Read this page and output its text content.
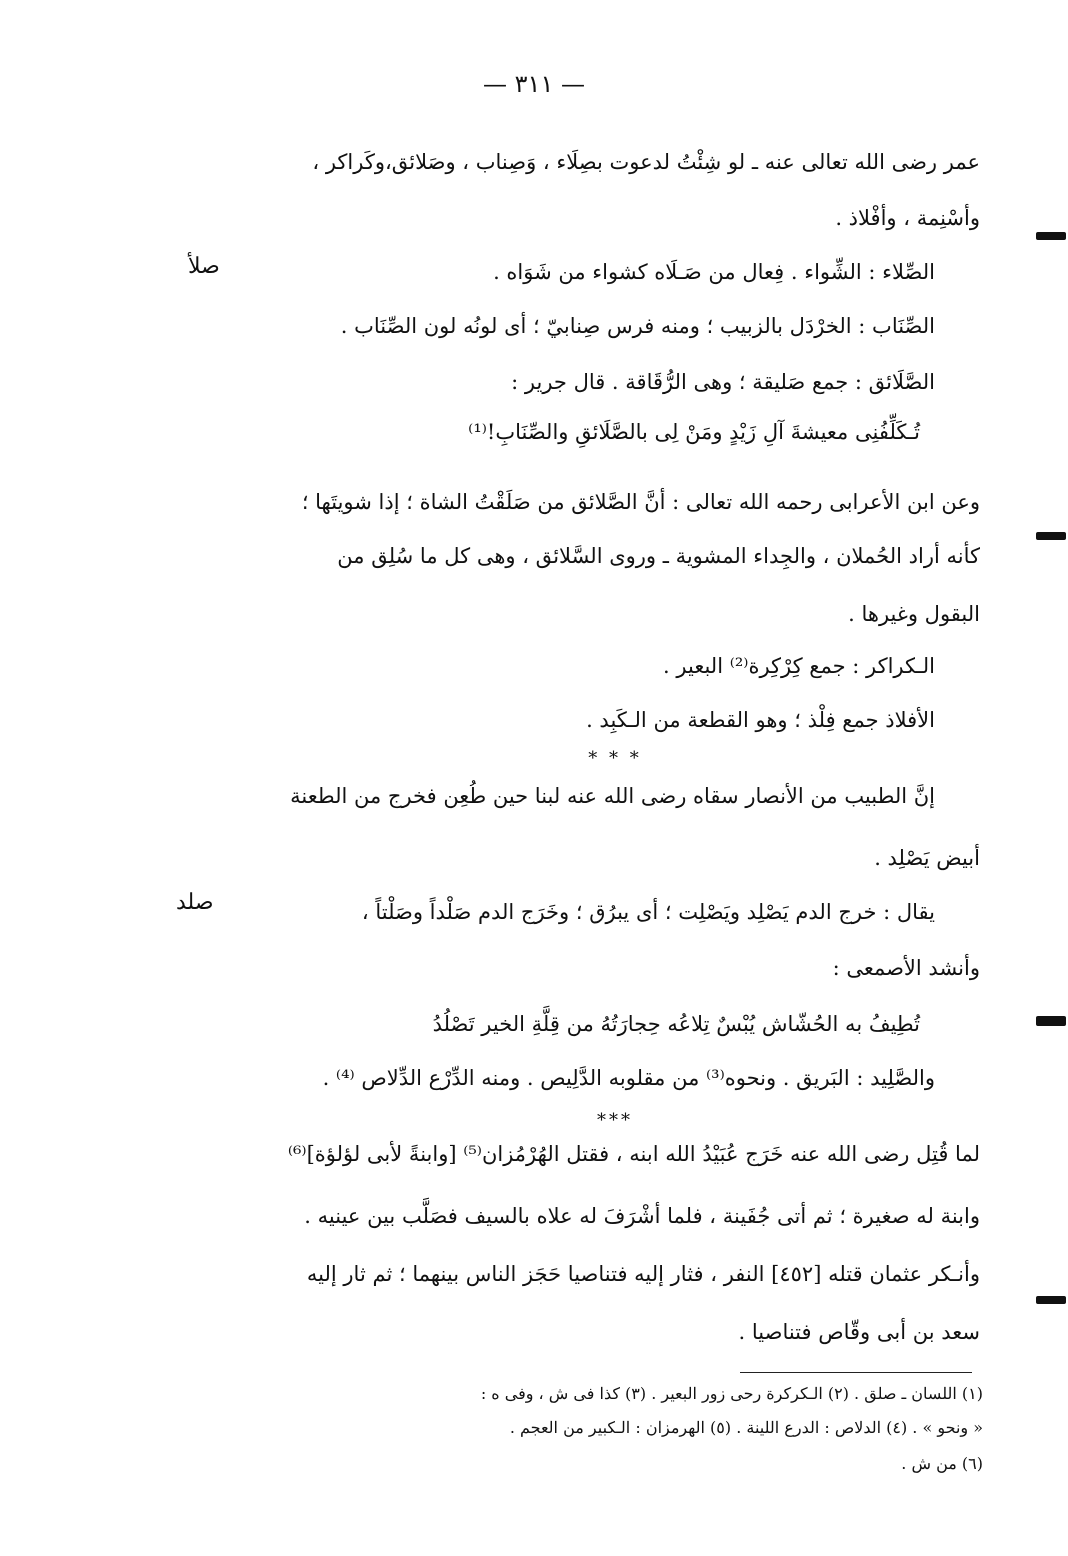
— ٣١١ —
صلأ
صلد
عمر رضى الله تعالى عنه ـ لو شِئْتُ لدعوت بصِلَاء ، وَصِناب ، وصَلائق،وكَراكر ،
وأسْنِمة ، وأفْلاذ .
الصِّلاء : الشِّواء . فِعال من صَـلَاه كشواء من شَوَاه .
الصِّنَاب : الخرْدَل بالزبيب ؛ ومنه فرس صِنابيّ ؛ أى لونُه لون الصِّنَاب .
الصَّلَائق : جمع صَليقة ؛ وهى الرُّقَاقة . قال جرير :
تُـكَلِّفُنِى معيشةَ آلِ زَيْدٍ ومَنْ لِى بالصَّلَائقِ والصِّنَابِ!⁽¹⁾
وعن ابن الأعرابى رحمه الله تعالى : أنَّ الصَّلائق من صَلَقْتُ الشاة ؛ إذا شويتَها ؛
كأنه أراد الحُملان ، والجِداء المشوية ـ وروى السَّلائق ، وهى كل ما سُلِق من
البقول وغيرها .
الـكراكر : جمع كِرْكِرة⁽²⁾ البعير .
الأفلاذ جمع فِلْذ ؛ وهو القطعة من الـكَبِد .
* * *
إنَّ الطبيب من الأنصار سقاه رضى الله عنه لبنا حين طُعِن فخرج من الطعنة
أبيض يَصْلِد .
يقال : خرج الدم يَصْلِد ويَصْلِت ؛ أى يبرُق ؛ وخَرَج الدم صَلْداً وصَلْتاً ،
وأنشد الأصمعى :
تُطِيفُ به الحُشّاش يُبْسٌ تِلاعُه حِجارَتُهُ من قِلَّةِ الخير تَصْلُدُ
والصَّلِيد : البَريق . ونحوه⁽³⁾ من مقلوبه الدَّلِيص . ومنه الدِّرْع الدِّلاص ⁽⁴⁾ .
***
لما قُتِل رضى الله عنه خَرَج عُبَيْدُ الله ابنه ، فقتل الهُرْمُزان⁽⁵⁾ [وابنةً لأبى لؤلؤة]⁽⁶⁾
وابنة له صغيرة ؛ ثم أتى جُفَينة ، فلما أشْرَفَ له علاه بالسيف فصَلَّب بين عينيه .
وأنـكر عثمان قتله [٤٥٢] النفر ، فثار إليه فتناصيا حَجَز الناس بينهما ؛ ثم ثار إليه
سعد بن أبى وقّاص فتناصيا .
(١) اللسان ـ صلق . (٢) الـكركرة رحى زور البعير . (٣) كذا فى ش ، وفى ه :
« ونحو » . (٤) الدلاص : الدرع اللينة . (٥) الهرمزان : الـكبير من العجم .
(٦) من ش .
